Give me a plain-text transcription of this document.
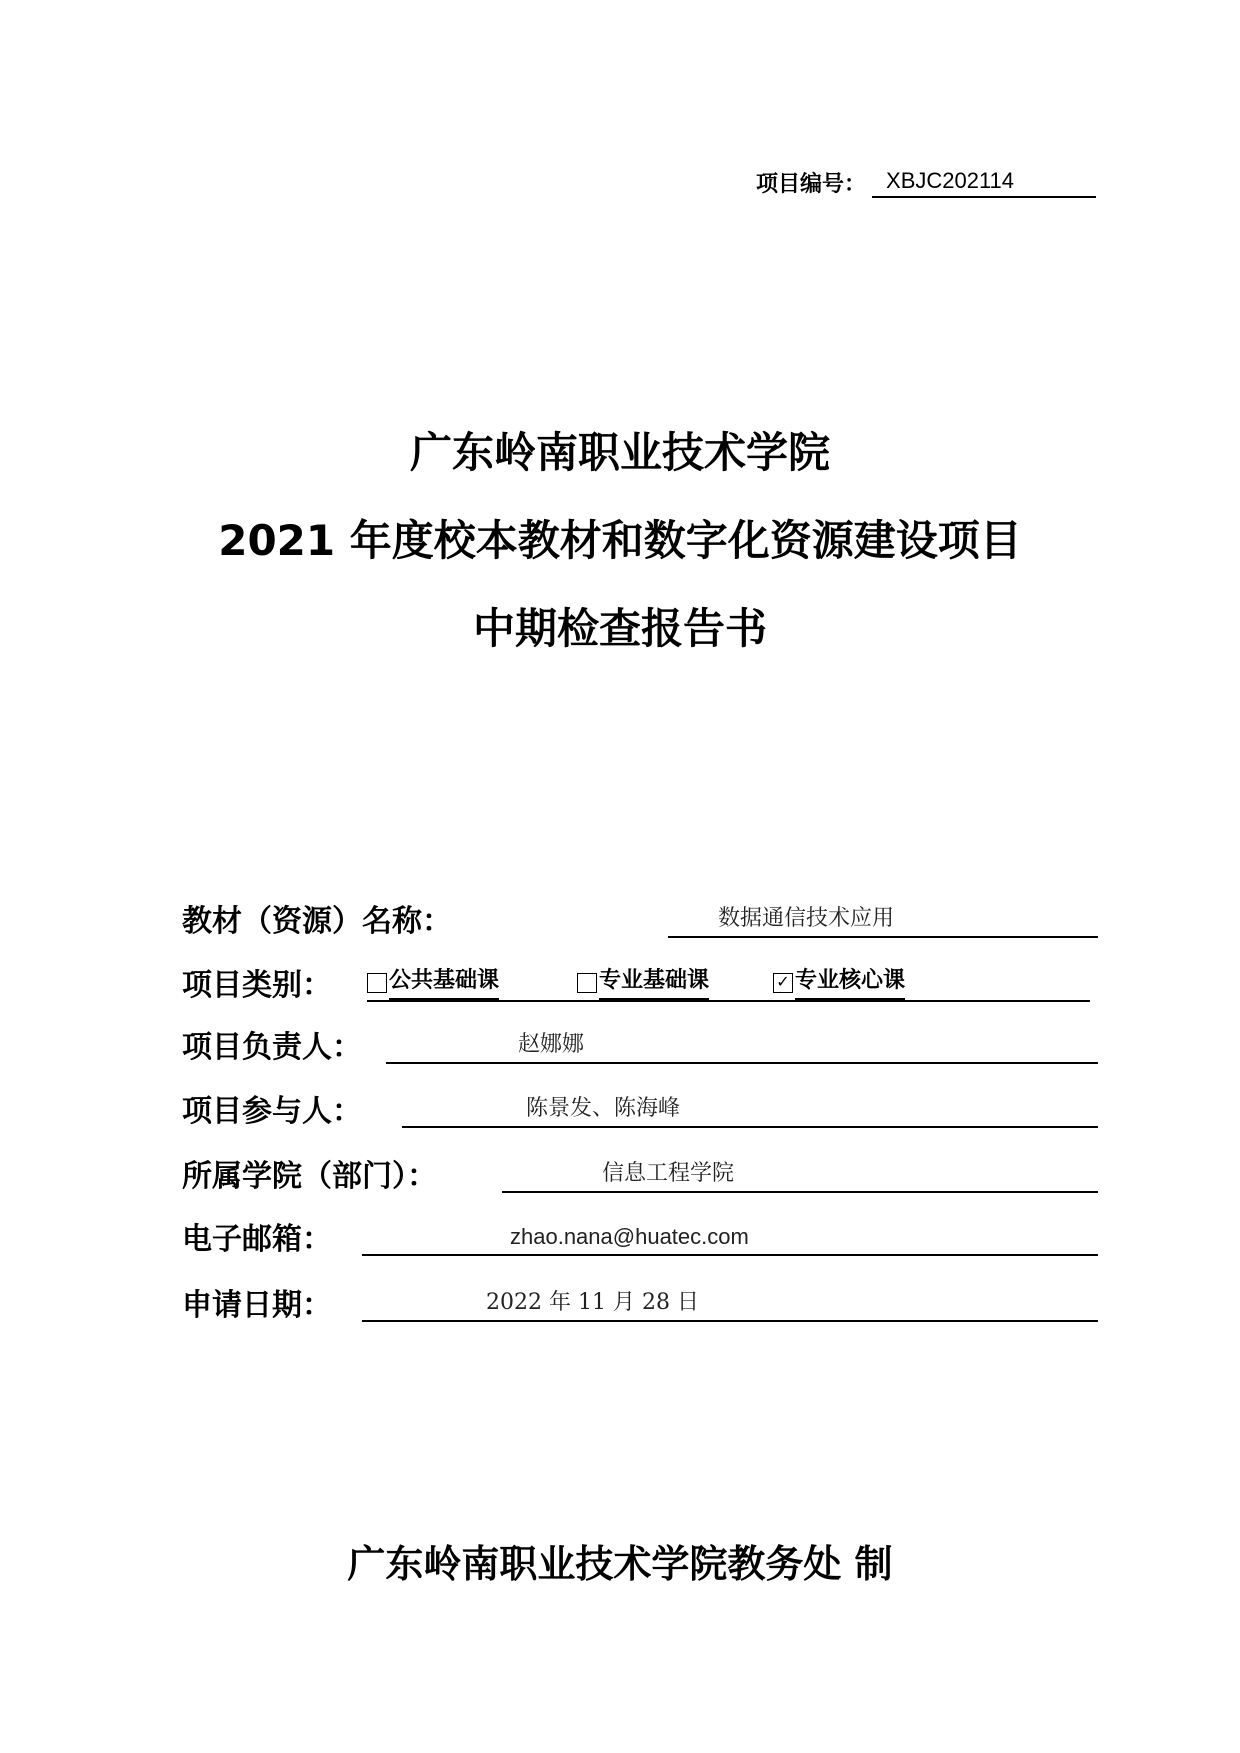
项目编号： XBJC202114
广东岭南职业技术学院
2021 年度校本教材和数字化资源建设项目
中期检查报告书
教材（资源）名称：	数据通信技术应用
项目类别：	公共基础课	专业基础课	✓ 专业核心课
项目负责人：	赵娜娜
项目参与人：	陈景发、陈海峰
所属学院（部门）：	信息工程学院
电子邮箱：	zhao.nana@huatec.com
申请日期：	2022 年 11 月 28 日
广东岭南职业技术学院教务处 制
